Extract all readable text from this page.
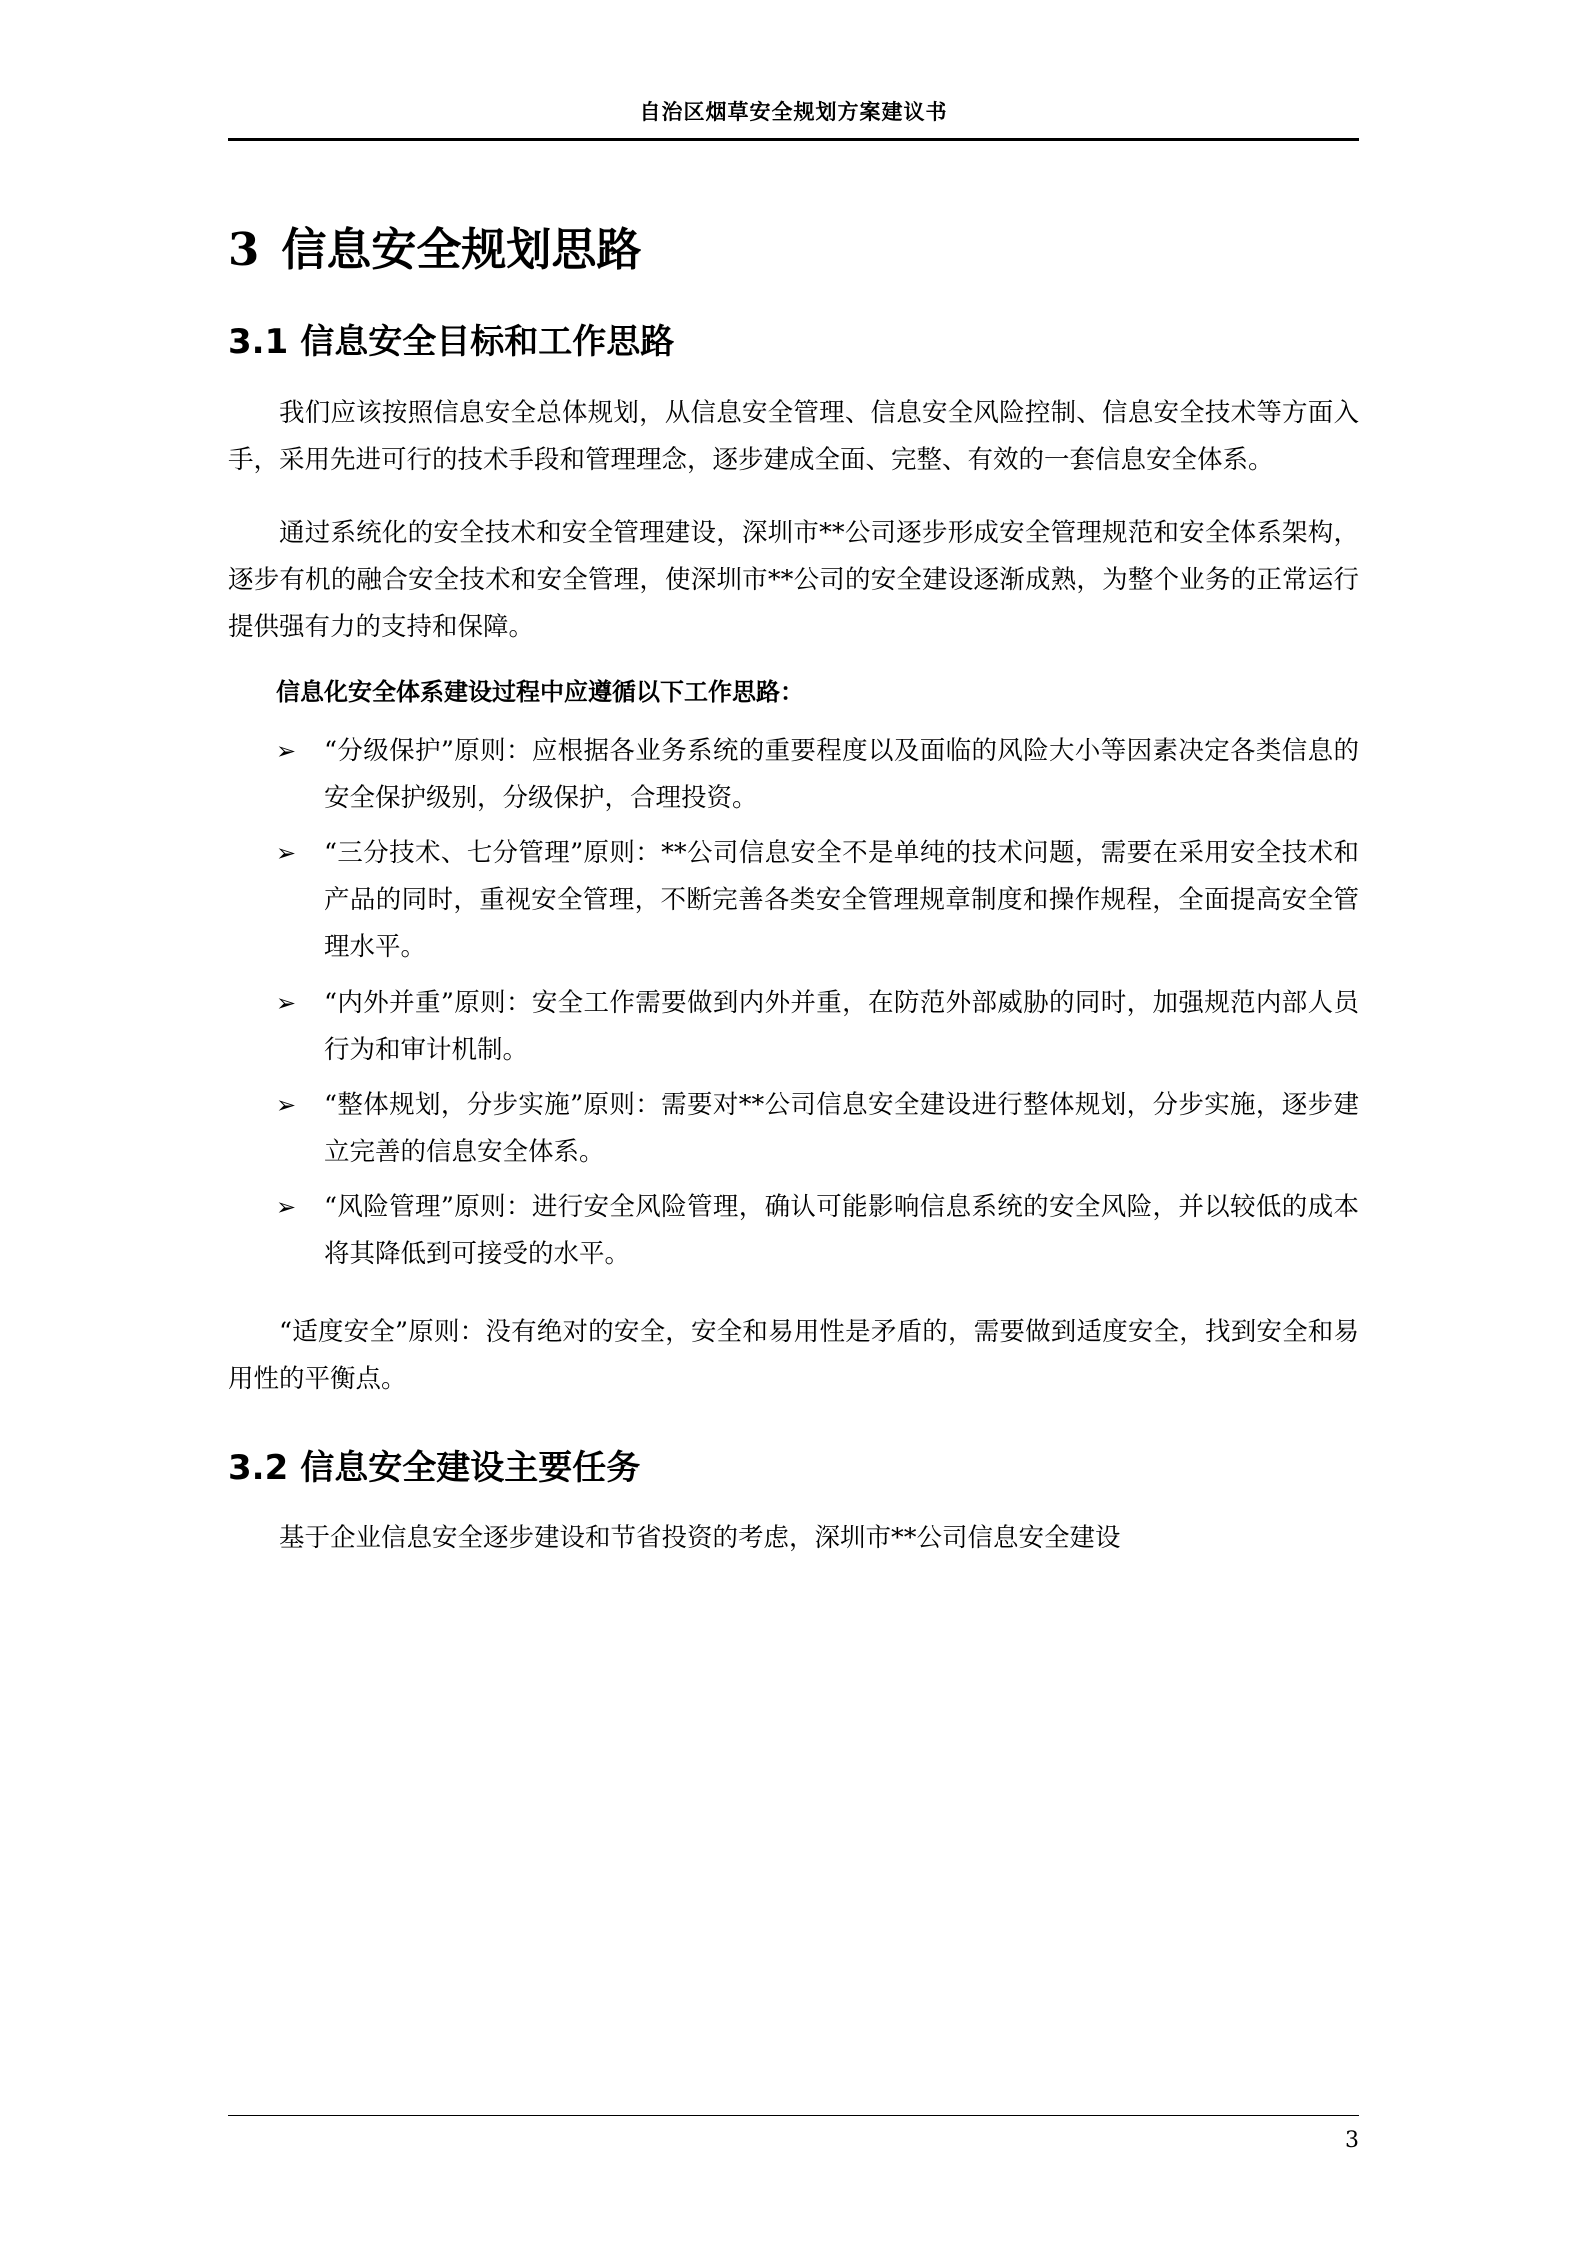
自治区烟草安全规划方案建议书
3 信息安全规划思路
3.1 信息安全目标和工作思路

我们应该按照信息安全总体规划，从信息安全管理、信息安全风险控制、信息安全技术等方面入手，采用先进可行的技术手段和管理理念，逐步建成全面、完整、有效的一套信息安全体系。

通过系统化的安全技术和安全管理建设，深圳市**公司逐步形成安全管理规范和安全体系架构，逐步有机的融合安全技术和安全管理，使深圳市**公司的安全建设逐渐成熟，为整个业务的正常运行提供强有力的支持和保障。

信息化安全体系建设过程中应遵循以下工作思路：

➢ “分级保护”原则：应根据各业务系统的重要程度以及面临的风险大小等因素决定各类信息的安全保护级别，分级保护，合理投资。
➢ “三分技术、七分管理”原则：**公司信息安全不是单纯的技术问题，需要在采用安全技术和产品的同时，重视安全管理，不断完善各类安全管理规章制度和操作规程，全面提高安全管理水平。
➢ “内外并重”原则：安全工作需要做到内外并重，在防范外部威胁的同时，加强规范内部人员行为和审计机制。
➢ “整体规划，分步实施”原则：需要对**公司信息安全建设进行整体规划，分步实施，逐步建立完善的信息安全体系。
➢ “风险管理”原则：进行安全风险管理，确认可能影响信息系统的安全风险，并以较低的成本将其降低到可接受的水平。

“适度安全”原则：没有绝对的安全，安全和易用性是矛盾的，需要做到适度安全，找到安全和易用性的平衡点。

3.2 信息安全建设主要任务

基于企业信息安全逐步建设和节省投资的考虑，深圳市**公司信息安全建设

3
